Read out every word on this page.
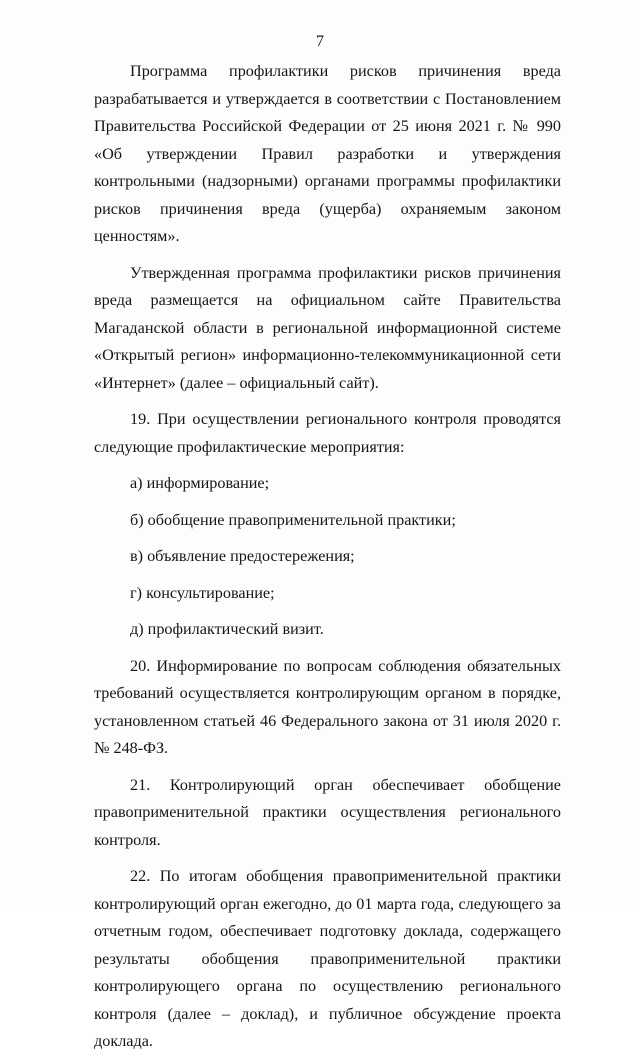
7

Программа профилактики рисков причинения вреда разрабатывается и утверждается в соответствии с Постановлением Правительства Российской Федерации от 25 июня 2021 г. № 990 «Об утверждении Правил разработки и утверждения контрольными (надзорными) органами программы профилактики рисков причинения вреда (ущерба) охраняемым законом ценностям».

Утвержденная программа профилактики рисков причинения вреда размещается на официальном сайте Правительства Магаданской области в региональной информационной системе «Открытый регион» информационно-телекоммуникационной сети «Интернет» (далее – официальный сайт).

19. При осуществлении регионального контроля проводятся следующие профилактические мероприятия:

а) информирование;

б) обобщение правоприменительной практики;

в) объявление предостережения;

г) консультирование;

д) профилактический визит.

20. Информирование по вопросам соблюдения обязательных требований осуществляется контролирующим органом в порядке, установленном статьей 46 Федерального закона от 31 июля 2020 г. № 248-ФЗ.

21. Контролирующий орган обеспечивает обобщение правоприменительной практики осуществления регионального контроля.

22. По итогам обобщения правоприменительной практики контролирующий орган ежегодно, до 01 марта года, следующего за отчетным годом, обеспечивает подготовку доклада, содержащего результаты обобщения правоприменительной практики контролирующего органа по осуществлению регионального контроля (далее – доклад), и публичное обсуждение проекта доклада.
